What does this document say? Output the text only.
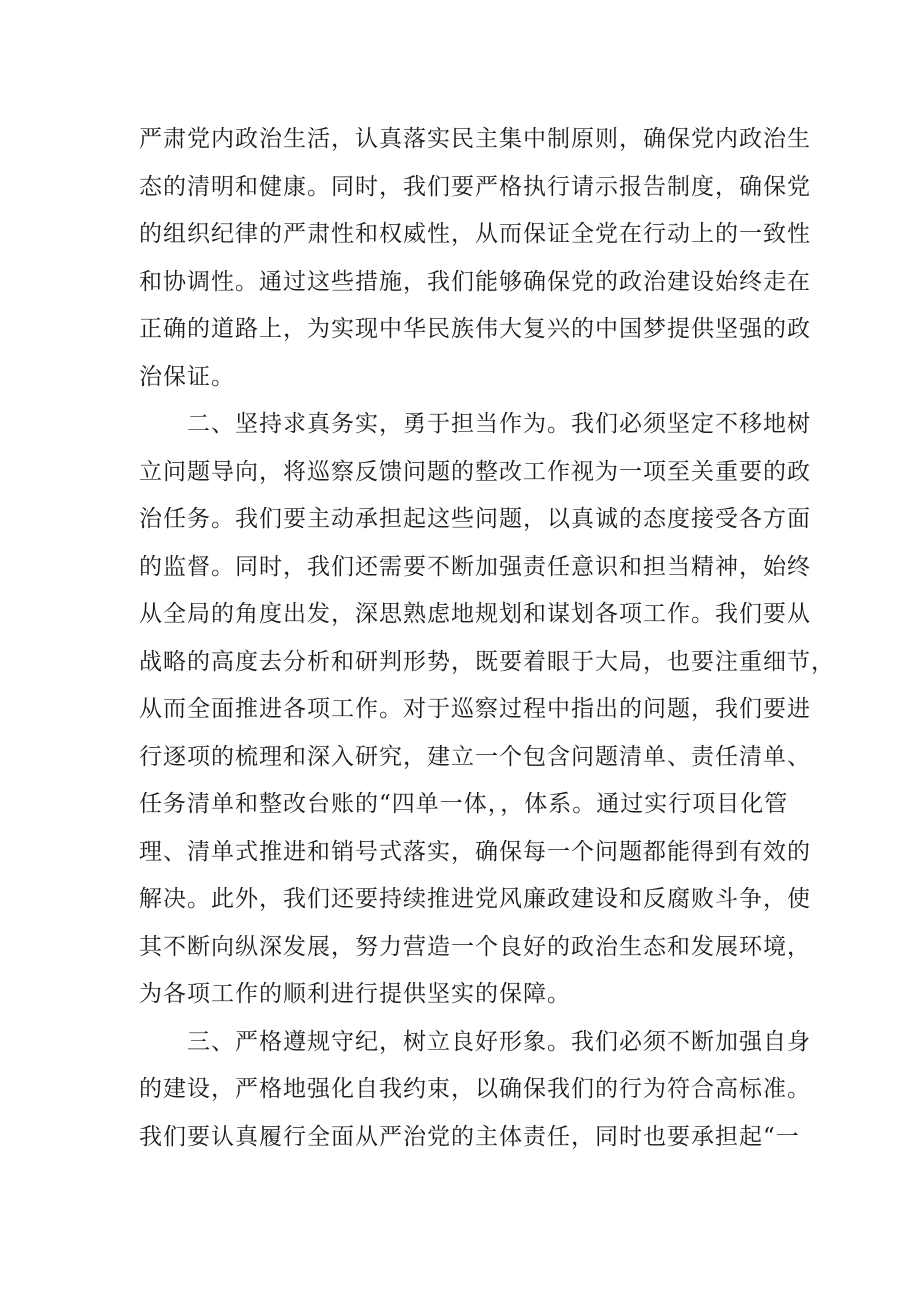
严肃党内政治生活，认真落实民主集中制原则，确保党内政治生
态的清明和健康。同时，我们要严格执行请示报告制度，确保党
的组织纪律的严肃性和权威性，从而保证全党在行动上的一致性
和协调性。通过这些措施，我们能够确保党的政治建设始终走在
正确的道路上，为实现中华民族伟大复兴的中国梦提供坚强的政
治保证。
二、坚持求真务实，勇于担当作为。我们必须坚定不移地树
立问题导向，将巡察反馈问题的整改工作视为一项至关重要的政
治任务。我们要主动承担起这些问题，以真诚的态度接受各方面
的监督。同时，我们还需要不断加强责任意识和担当精神，始终
从全局的角度出发，深思熟虑地规划和谋划各项工作。我们要从
战略的高度去分析和研判形势，既要着眼于大局，也要注重细节，
从而全面推进各项工作。对于巡察过程中指出的问题，我们要进
行逐项的梳理和深入研究，建立一个包含问题清单、责任清单、
任务清单和整改台账的“四单一体，，体系。通过实行项目化管
理、清单式推进和销号式落实，确保每一个问题都能得到有效的
解决。此外，我们还要持续推进党风廉政建设和反腐败斗争，使
其不断向纵深发展，努力营造一个良好的政治生态和发展环境，
为各项工作的顺利进行提供坚实的保障。
三、严格遵规守纪，树立良好形象。我们必须不断加强自身
的建设，严格地强化自我约束，以确保我们的行为符合高标准。
我们要认真履行全面从严治党的主体责任，同时也要承担起“一
